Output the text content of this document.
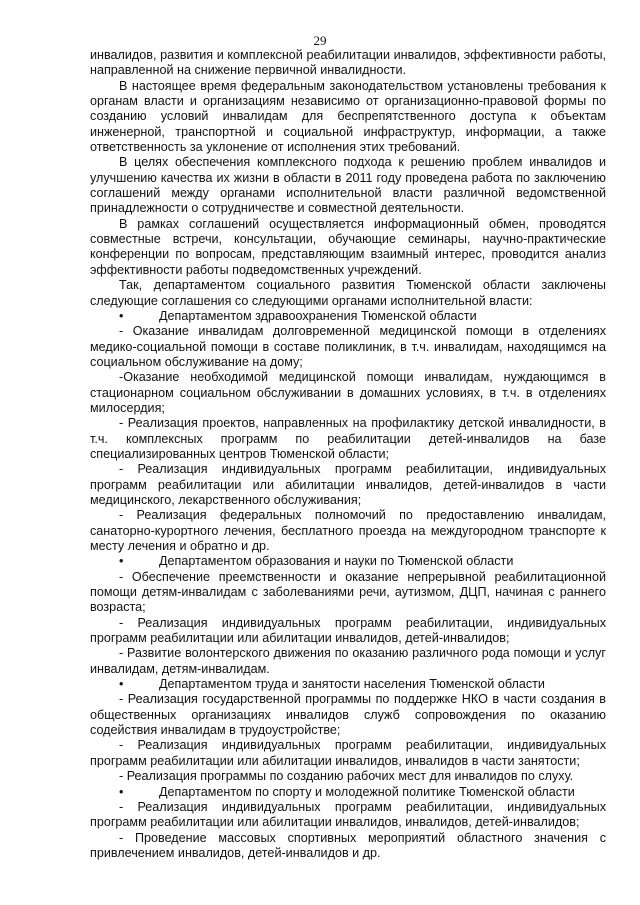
29

инвалидов, развития и комплексной реабилитации инвалидов, эффективности работы, направленной на снижение первичной инвалидности.

В настоящее время федеральным законодательством установлены требования к органам власти и организациям независимо от организационно-правовой формы по созданию условий инвалидам для беспрепятственного доступа к объектам инженерной, транспортной и социальной инфраструктур, информации, а также ответственность за уклонение от исполнения этих требований.

В целях обеспечения комплексного подхода к решению проблем инвалидов и улучшению качества их жизни в области в 2011 году проведена работа по заключению соглашений между органами исполнительной власти различной ведомственной принадлежности о сотрудничестве и совместной деятельности.

В рамках соглашений осуществляется информационный обмен, проводятся совместные встречи, консультации, обучающие семинары, научно-практические конференции по вопросам, представляющим взаимный интерес, проводится анализ эффективности работы подведомственных учреждений.

Так, департаментом социального развития Тюменской области заключены следующие соглашения со следующими органами исполнительной власти:

•	Департаментом здравоохранения Тюменской области

- Оказание инвалидам долговременной медицинской помощи в отделениях медико-социальной помощи в составе поликлиник, в т.ч. инвалидам, находящимся на социальном обслуживание на дому;

-Оказание необходимой медицинской помощи инвалидам, нуждающимся в стационарном социальном обслуживании в домашних условиях, в т.ч. в отделениях милосердия;

- Реализация проектов, направленных на профилактику детской инвалидности, в т.ч. комплексных программ по реабилитации детей-инвалидов на базе специализированных центров Тюменской области;

- Реализация индивидуальных программ реабилитации, индивидуальных программ реабилитации или абилитации инвалидов, детей-инвалидов в части медицинского, лекарственного обслуживания;

- Реализация федеральных полномочий по предоставлению инвалидам, санаторно-курортного лечения, бесплатного проезда на междугородном транспорте к месту лечения и обратно и др.

•	Департаментом образования и науки по Тюменской области

- Обеспечение преемственности и оказание непрерывной реабилитационной помощи детям-инвалидам с заболеваниями речи, аутизмом, ДЦП, начиная с раннего возраста;

- Реализация индивидуальных программ реабилитации, индивидуальных программ реабилитации или абилитации инвалидов, детей-инвалидов;

- Развитие волонтерского движения по оказанию различного рода помощи и услуг инвалидам, детям-инвалидам.

•	Департаментом труда и занятости населения Тюменской области

- Реализация государственной программы по поддержке НКО в части создания в общественных организациях инвалидов служб сопровождения по оказанию содействия инвалидам в трудоустройстве;

- Реализация индивидуальных программ реабилитации, индивидуальных программ реабилитации или абилитации инвалидов, инвалидов в части занятости;

- Реализация программы по созданию рабочих мест для инвалидов по слуху.

•	Департаментом по спорту и молодежной политике Тюменской области

- Реализация индивидуальных программ реабилитации, индивидуальных программ реабилитации или абилитации инвалидов, инвалидов, детей-инвалидов;

- Проведение массовых спортивных мероприятий областного значения с привлечением инвалидов, детей-инвалидов и др.
